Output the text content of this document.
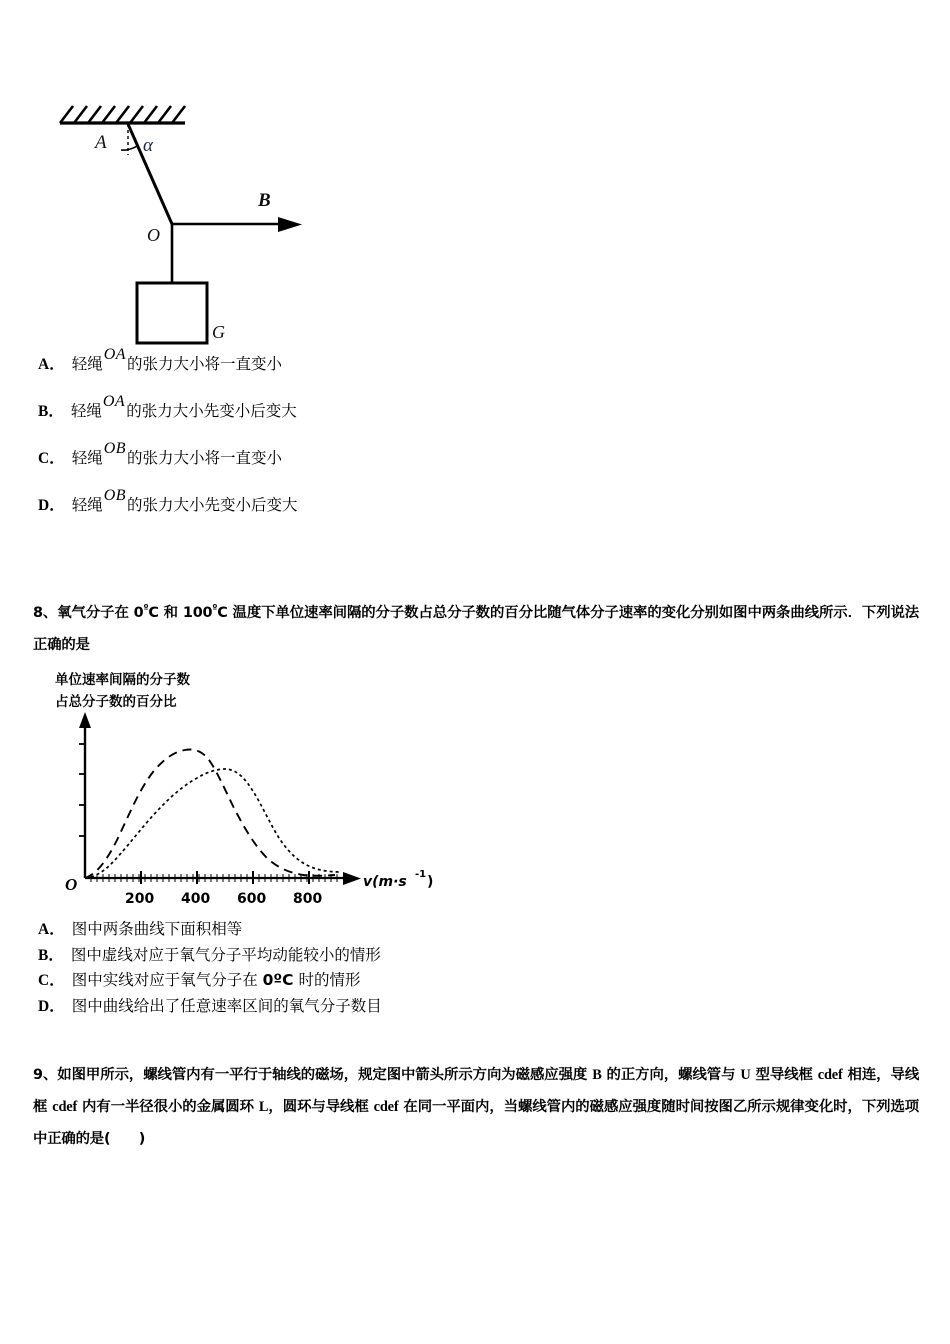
A α
O
B
G
A． 轻绳 OA 的张力大小将一直变小
B． 轻绳 OA 的张力大小先变小后变大
C． 轻绳 OB 的张力大小将一直变小
D． 轻绳 OB 的张力大小先变小后变大
8、氧气分子在 $0^ºC$ 和 $100^ºC$ 温度下单位速率间隔的分子数占总分子数的百分比随气体分子速率的变化分别如图中两条曲线所示．下列说法正确的是
单位速率间隔的分子数
占总分子数的百分比
O
200 400 600 800
v(m·s -1 )
A． 图中两条曲线下面积相等
B． 图中虚线对应于氧气分子平均动能较小的情形
C． 图中实线对应于氧气分子在 0ºC 时的情形
D． 图中曲线给出了任意速率区间的氧气分子数目
9、如图甲所示，螺线管内有一平行于轴线的磁场，规定图中箭头所示方向为磁感应强度 B 的正方向，螺线管与 U 型导线框 cdef 相连，导线框 cdef 内有一半径很小的金属圆环 L，圆环与导线框 cdef 在同一平面内，当螺线管内的磁感应强度随时间按图乙所示规律变化时，下列选项中正确的是(　　)
